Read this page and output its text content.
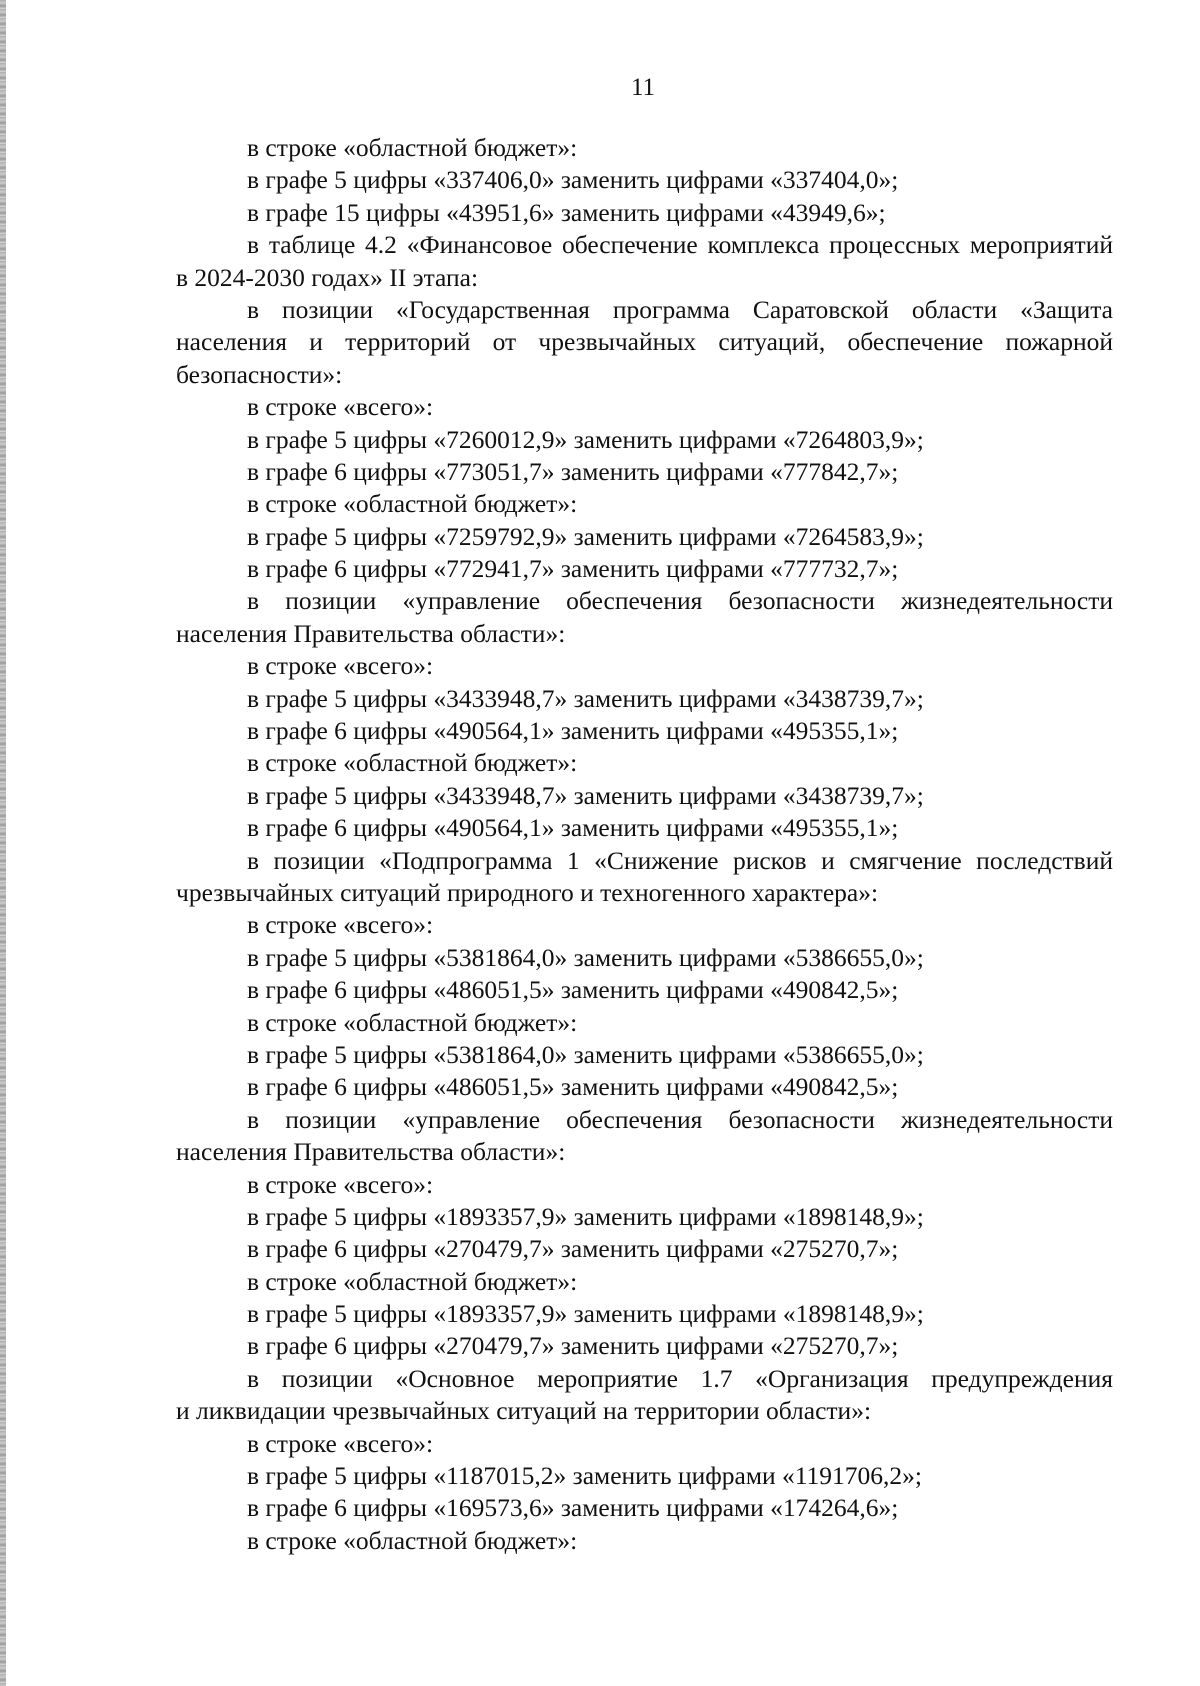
11

в строке «областной бюджет»:

в графе 5 цифры «337406,0» заменить цифрами «337404,0»;

в графе 15 цифры «43951,6» заменить цифрами «43949,6»;

в таблице 4.2 «Финансовое обеспечение комплекса процессных мероприятий

в 2024-2030 годах» II этапа:

в позиции «Государственная программа Саратовской области «Защита

населения и территорий от чрезвычайных ситуаций, обеспечение пожарной

безопасности»:

в строке «всего»:

в графе 5 цифры «7260012,9» заменить цифрами «7264803,9»;

в графе 6 цифры «773051,7» заменить цифрами «777842,7»;

в строке «областной бюджет»:

в графе 5 цифры «7259792,9» заменить цифрами «7264583,9»;

в графе 6 цифры «772941,7» заменить цифрами «777732,7»;

в позиции «управление обеспечения безопасности жизнедеятельности

населения Правительства области»:

в строке «всего»:

в графе 5 цифры «3433948,7» заменить цифрами «3438739,7»;

в графе 6 цифры «490564,1» заменить цифрами «495355,1»;

в строке «областной бюджет»:

в графе 5 цифры «3433948,7» заменить цифрами «3438739,7»;

в графе 6 цифры «490564,1» заменить цифрами «495355,1»;

в позиции «Подпрограмма 1 «Снижение рисков и смягчение последствий

чрезвычайных ситуаций природного и техногенного характера»:

в строке «всего»:

в графе 5 цифры «5381864,0» заменить цифрами «5386655,0»;

в графе 6 цифры «486051,5» заменить цифрами «490842,5»;

в строке «областной бюджет»:

в графе 5 цифры «5381864,0» заменить цифрами «5386655,0»;

в графе 6 цифры «486051,5» заменить цифрами «490842,5»;

в позиции «управление обеспечения безопасности жизнедеятельности

населения Правительства области»:

в строке «всего»:

в графе 5 цифры «1893357,9» заменить цифрами «1898148,9»;

в графе 6 цифры «270479,7» заменить цифрами «275270,7»;

в строке «областной бюджет»:

в графе 5 цифры «1893357,9» заменить цифрами «1898148,9»;

в графе 6 цифры «270479,7» заменить цифрами «275270,7»;

в позиции «Основное мероприятие 1.7 «Организация предупреждения

и ликвидации чрезвычайных ситуаций на территории области»:

в строке «всего»:

в графе 5 цифры «1187015,2» заменить цифрами «1191706,2»;

в графе 6 цифры «169573,6» заменить цифрами «174264,6»;

в строке «областной бюджет»:
